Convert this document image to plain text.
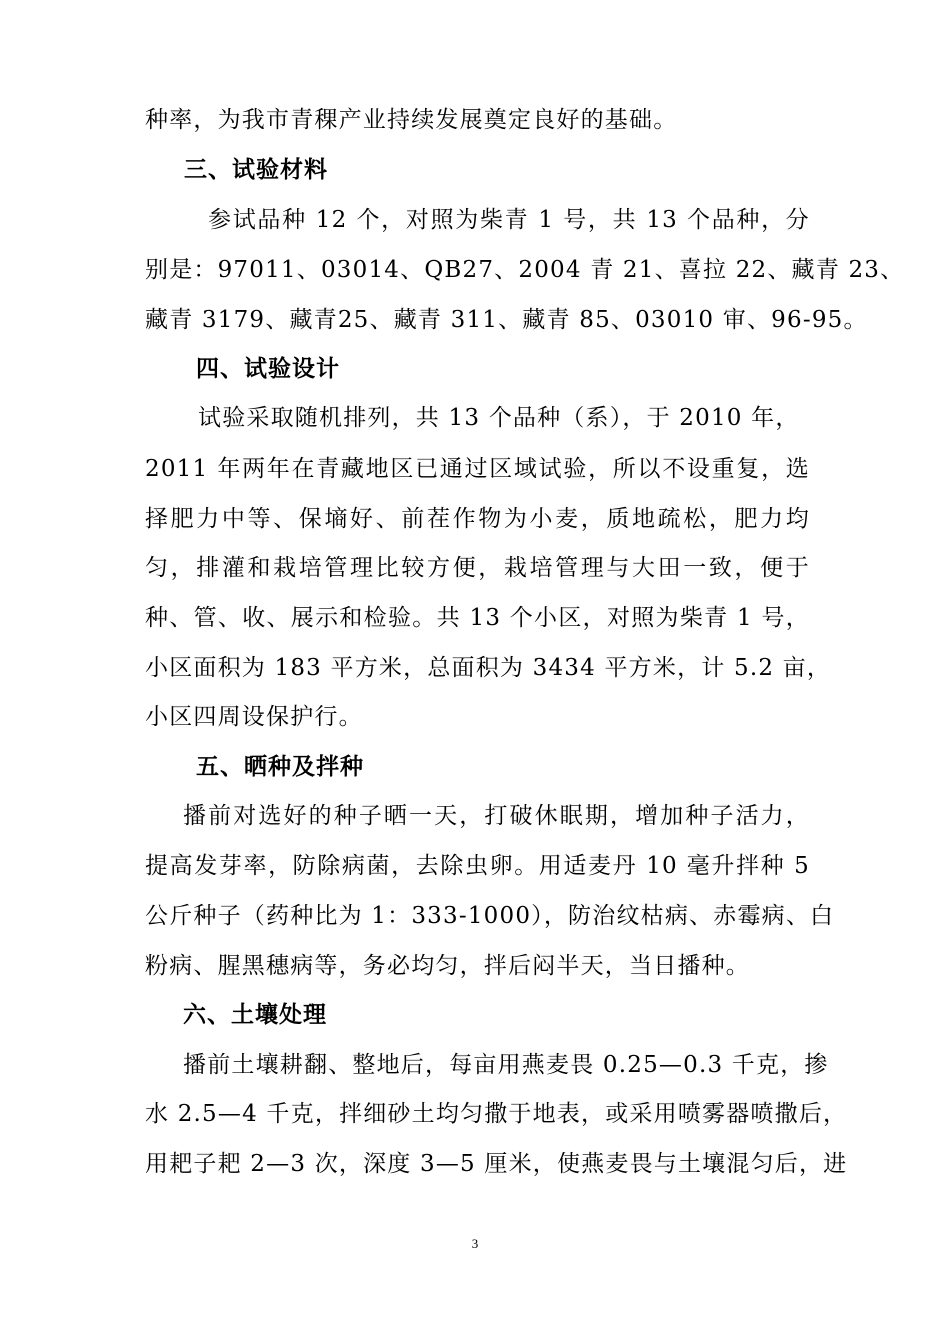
种率，为我市青稞产业持续发展奠定良好的基础。
三、试验材料
参试品种 12 个，对照为柴青 1 号，共 13 个品种，分
别是：97011、03014、QB27、2004 青 21、喜拉 22、藏青 23、
藏青 3179、藏青25、藏青 311、藏青 85、03010 审、96-95。
四、试验设计
试验采取随机排列，共 13 个品种（系），于 2010 年，
2011 年两年在青藏地区已通过区域试验，所以不设重复，选
择肥力中等、保墒好、前茬作物为小麦，质地疏松，肥力均
匀，排灌和栽培管理比较方便，栽培管理与大田一致，便于
种、管、收、展示和检验。共 13 个小区，对照为柴青 1 号，
小区面积为 183 平方米，总面积为 3434 平方米，计 5.2 亩，
小区四周设保护行。
五、晒种及拌种
播前对选好的种子晒一天，打破休眠期，增加种子活力，
提高发芽率，防除病菌，去除虫卵。用适麦丹 10 毫升拌种 5
公斤种子（药种比为 1：333-1000），防治纹枯病、赤霉病、白
粉病、腥黑穗病等，务必均匀，拌后闷半天，当日播种。
六、土壤处理
播前土壤耕翻、整地后，每亩用燕麦畏 0.25—0.3 千克，掺
水 2.5—4 千克，拌细砂土均匀撒于地表，或采用喷雾器喷撒后，
用耙子耙 2—3 次，深度 3—5 厘米，使燕麦畏与土壤混匀后，进
3
